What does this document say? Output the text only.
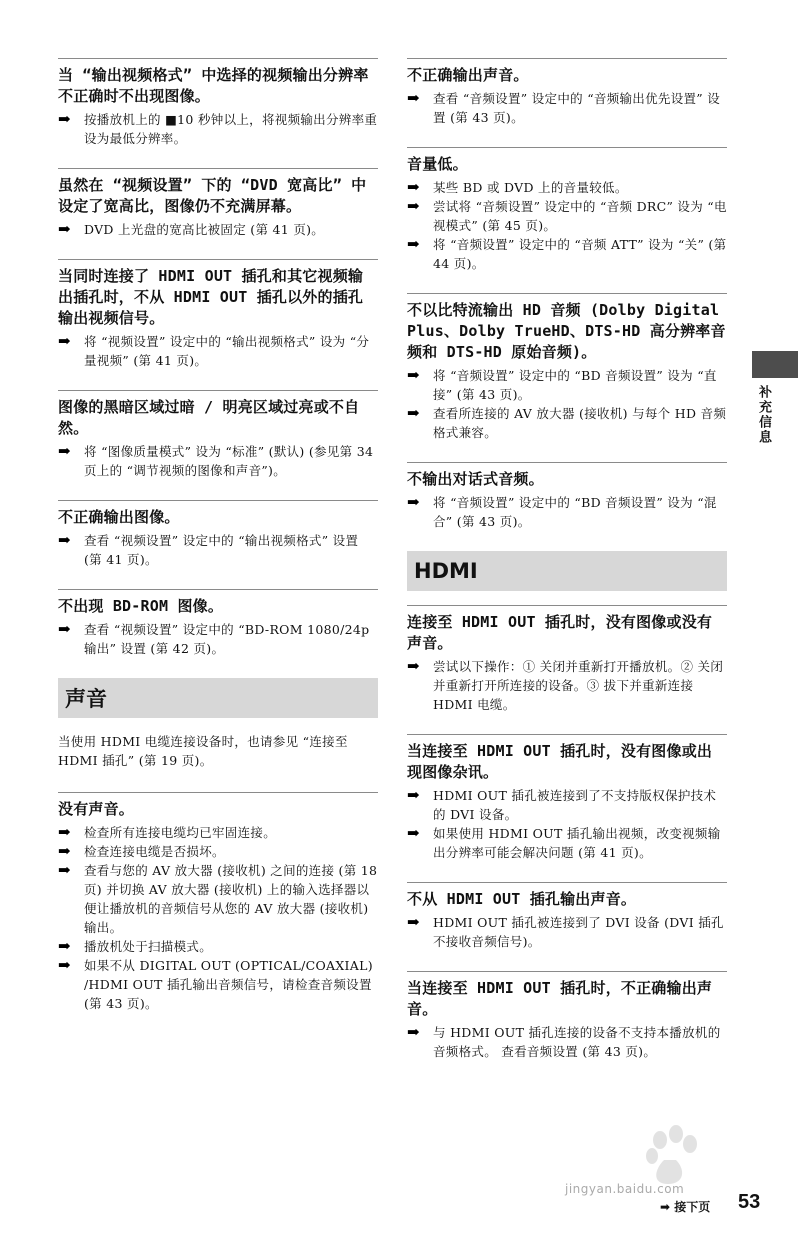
当 “输出视频格式” 中选择的视频输出分辨率不正确时不出现图像。
➡	按播放机上的 ■10 秒钟以上，将视频输出分辨率重设为最低分辨率。
虽然在 “视频设置” 下的 “DVD 宽高比” 中设定了宽高比，图像仍不充满屏幕。
➡	DVD 上光盘的宽高比被固定 (第 41 页)。
当同时连接了 HDMI OUT 插孔和其它视频输出插孔时，不从 HDMI OUT 插孔以外的插孔输出视频信号。
➡	将 “视频设置” 设定中的 “输出视频格式” 设为 “分量视频” (第 41 页)。
图像的黑暗区域过暗 / 明亮区域过亮或不自然。
➡	将 “图像质量模式” 设为 “标准” (默认) (参见第 34 页上的 “调节视频的图像和声音”)。
不正确输出图像。
➡	查看 “视频设置” 设定中的 “输出视频格式” 设置 (第 41 页)。
不出现 BD-ROM 图像。
➡	查看 “视频设置” 设定中的 “BD-ROM 1080/24p 输出” 设置 (第 42 页)。
声音
当使用 HDMI 电缆连接设备时，也请参见 “连接至 HDMI 插孔” (第 19 页)。
没有声音。
➡	检查所有连接电缆均已牢固连接。
➡	检查连接电缆是否损坏。
➡	查看与您的 AV 放大器 (接收机) 之间的连接 (第 18 页) 并切换 AV 放大器 (接收机) 上的输入选择器以便让播放机的音频信号从您的 AV 放大器 (接收机) 输出。
➡	播放机处于扫描模式。
➡	如果不从 DIGITAL OUT (OPTICAL/COAXIAL) /HDMI OUT 插孔输出音频信号，请检查音频设置 (第 43 页)。
不正确输出声音。
➡	查看 “音频设置” 设定中的 “音频输出优先设置” 设置 (第 43 页)。
音量低。
➡	某些 BD 或 DVD 上的音量较低。
➡	尝试将 “音频设置” 设定中的 “音频 DRC” 设为 “电视模式” (第 45 页)。
➡	将 “音频设置” 设定中的 “音频 ATT” 设为 “关” (第 44 页)。
不以比特流输出 HD 音频 (Dolby Digital Plus、Dolby TrueHD、DTS-HD 高分辨率音频和 DTS-HD 原始音频)。
➡	将 “音频设置” 设定中的 “BD 音频设置” 设为 “直接” (第 43 页)。
➡	查看所连接的 AV 放大器 (接收机) 与每个 HD 音频格式兼容。
不输出对话式音频。
➡	将 “音频设置” 设定中的 “BD 音频设置” 设为 “混合” (第 43 页)。
HDMI
连接至 HDMI OUT 插孔时，没有图像或没有声音。
➡	尝试以下操作：① 关闭并重新打开播放机。② 关闭并重新打开所连接的设备。③ 拔下并重新连接 HDMI 电缆。
当连接至 HDMI OUT 插孔时，没有图像或出现图像杂讯。
➡	HDMI OUT 插孔被连接到了不支持版权保护技术的 DVI 设备。
➡	如果使用 HDMI OUT 插孔输出视频，改变视频输出分辨率可能会解决问题 (第 41 页)。
不从 HDMI OUT 插孔输出声音。
➡	HDMI OUT 插孔被连接到了 DVI 设备 (DVI 插孔不接收音频信号)。
当连接至 HDMI OUT 插孔时，不正确输出声音。
➡	与 HDMI OUT 插孔连接的设备不支持本播放机的音频格式。 查看音频设置 (第 43 页)。
补充信息
jingyan.baidu.com
➡ 接下页 53
